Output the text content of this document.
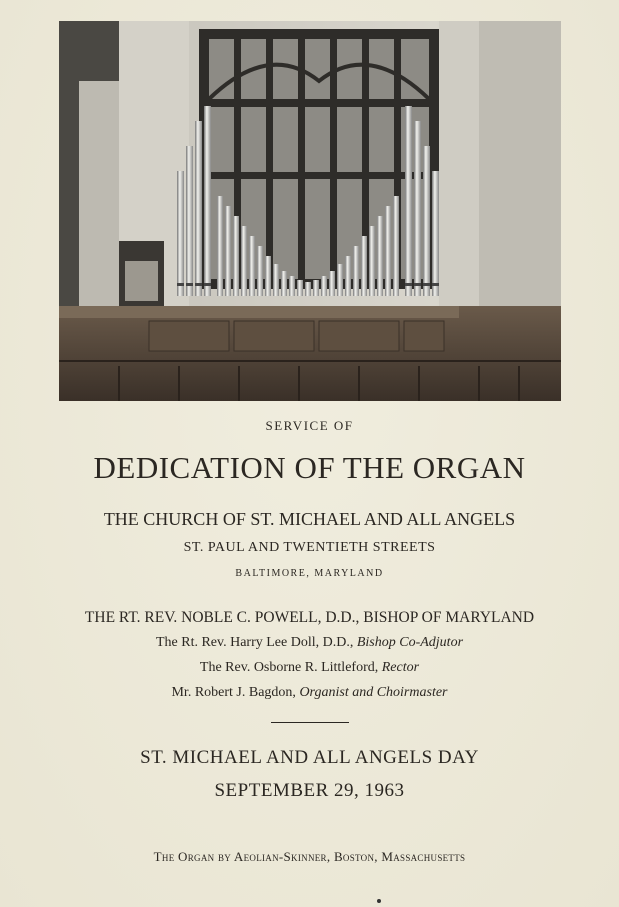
SERVICE OF
DEDICATION OF THE ORGAN
THE CHURCH OF ST. MICHAEL AND ALL ANGELS
ST. PAUL AND TWENTIETH STREETS
BALTIMORE, MARYLAND
THE RT. REV. NOBLE C. POWELL, D.D., BISHOP OF MARYLAND
The Rt. Rev. Harry Lee Doll, D.D., Bishop Co-Adjutor
The Rev. Osborne R. Littleford, Rector
Mr. Robert J. Bagdon, Organist and Choirmaster
ST. MICHAEL AND ALL ANGELS DAY
SEPTEMBER 29, 1963
The Organ by Aeolian-Skinner, Boston, Massachusetts
